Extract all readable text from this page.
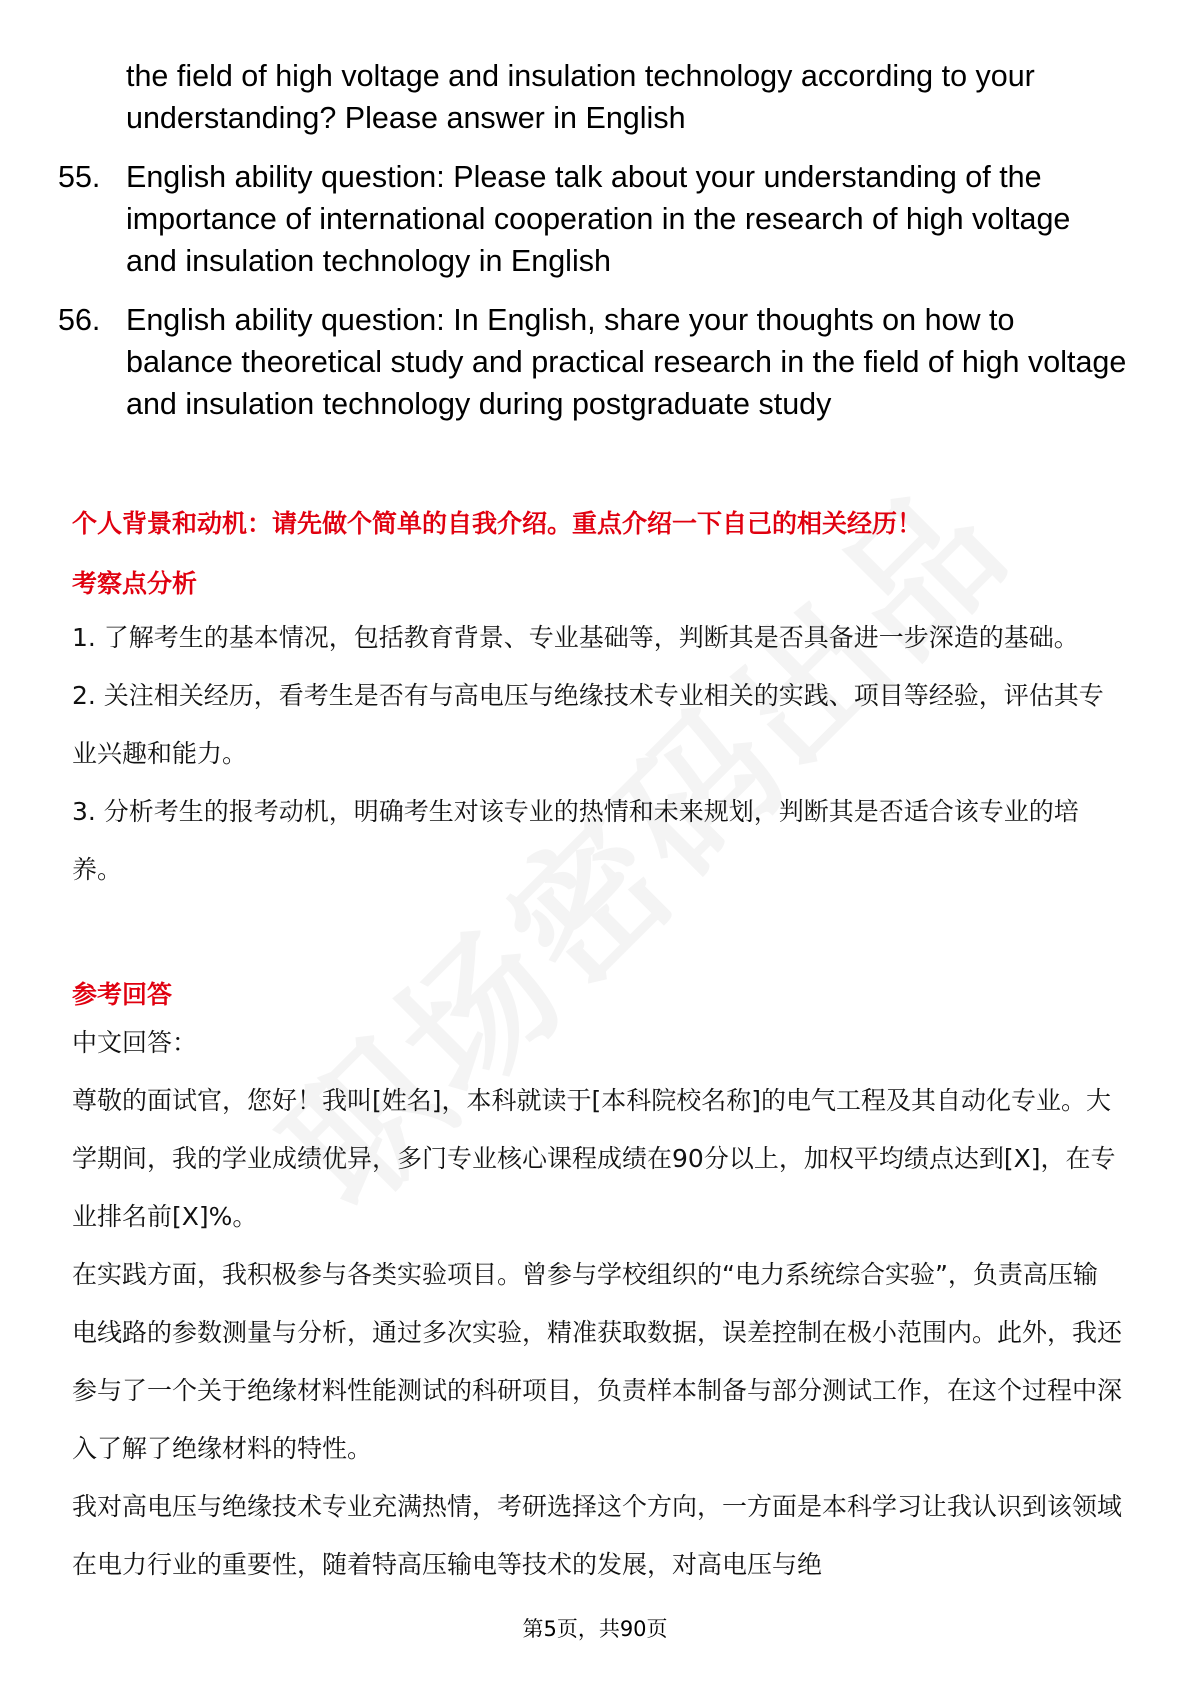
the field of high voltage and insulation technology according to your understanding? Please answer in English
55. English ability question: Please talk about your understanding of the importance of international cooperation in the research of high voltage and insulation technology in English
56. English ability question: In English, share your thoughts on how to balance theoretical study and practical research in the field of high voltage and insulation technology during postgraduate study
个人背景和动机：请先做个简单的自我介绍。重点介绍一下自己的相关经历！
考察点分析
1. 了解考生的基本情况，包括教育背景、专业基础等，判断其是否具备进一步深造的基础。
2. 关注相关经历，看考生是否有与高电压与绝缘技术专业相关的实践、项目等经验，评估其专业兴趣和能力。
3. 分析考生的报考动机，明确考生对该专业的热情和未来规划，判断其是否适合该专业的培养。
参考回答
中文回答：
尊敬的面试官，您好！我叫[姓名]，本科就读于[本科院校名称]的电气工程及其自动化专业。大学期间，我的学业成绩优异，多门专业核心课程成绩在90分以上，加权平均绩点达到[X]，在专业排名前[X]%。
在实践方面，我积极参与各类实验项目。曾参与学校组织的“电力系统综合实验”，负责高压输电线路的参数测量与分析，通过多次实验，精准获取数据，误差控制在极小范围内。此外，我还参与了一个关于绝缘材料性能测试的科研项目，负责样本制备与部分测试工作，在这个过程中深入了解了绝缘材料的特性。
我对高电压与绝缘技术专业充满热情，考研选择这个方向，一方面是本科学习让我认识到该领域在电力行业的重要性，随着特高压输电等技术的发展，对高电压与绝
第5页，共90页
